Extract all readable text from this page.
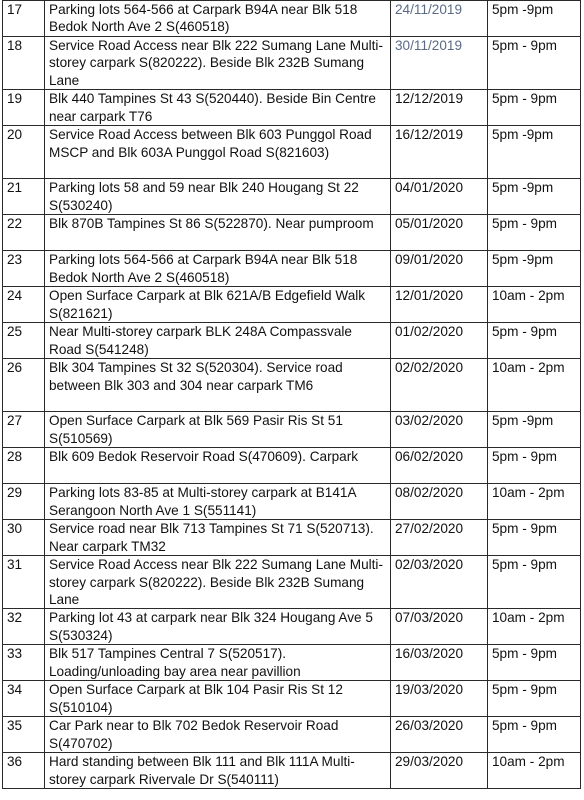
17	Parking lots 564-566 at Carpark B94A near Blk 518 Bedok North Ave 2 S(460518)	24/11/2019	5pm -9pm
18	Service Road Access near Blk 222 Sumang Lane Multi-storey carpark S(820222). Beside Blk 232B Sumang Lane	30/11/2019	5pm - 9pm
19	Blk 440 Tampines St 43 S(520440). Beside Bin Centre near carpark T76	12/12/2019	5pm - 9pm
20	Service Road Access between Blk 603 Punggol Road MSCP and Blk 603A Punggol Road S(821603)	16/12/2019	5pm -9pm
21	Parking lots 58 and 59 near Blk 240 Hougang St 22 S(530240)	04/01/2020	5pm -9pm
22	Blk 870B Tampines St 86 S(522870). Near pumproom	05/01/2020	5pm - 9pm
23	Parking lots 564-566 at Carpark B94A near Blk 518 Bedok North Ave 2 S(460518)	09/01/2020	5pm -9pm
24	Open Surface Carpark at Blk 621A/B Edgefield Walk S(821621)	12/01/2020	10am - 2pm
25	Near Multi-storey carpark BLK 248A Compassvale Road S(541248)	01/02/2020	5pm - 9pm
26	Blk 304 Tampines St 32 S(520304). Service road between Blk 303 and 304 near carpark TM6	02/02/2020	10am - 2pm
27	Open Surface Carpark at Blk 569 Pasir Ris St 51 S(510569)	03/02/2020	5pm -9pm
28	Blk 609 Bedok Reservoir Road S(470609). Carpark	06/02/2020	5pm - 9pm
29	Parking lots 83-85 at Multi-storey carpark at B141A Serangoon North Ave 1 S(551141)	08/02/2020	10am - 2pm
30	Service road near Blk 713 Tampines St 71 S(520713). Near carpark TM32	27/02/2020	5pm - 9pm
31	Service Road Access near Blk 222 Sumang Lane Multi-storey carpark S(820222). Beside Blk 232B Sumang Lane	02/03/2020	5pm - 9pm
32	Parking lot 43 at carpark near Blk 324 Hougang Ave 5 S(530324)	07/03/2020	10am - 2pm
33	Blk 517 Tampines Central 7 S(520517). Loading/unloading bay area near pavillion	16/03/2020	5pm - 9pm
34	Open Surface Carpark at Blk 104 Pasir Ris St 12 S(510104)	19/03/2020	5pm - 9pm
35	Car Park near to Blk 702 Bedok Reservoir Road S(470702)	26/03/2020	5pm - 9pm
36	Hard standing between Blk 111 and Blk 111A Multi-storey carpark Rivervale Dr S(540111)	29/03/2020	10am - 2pm
